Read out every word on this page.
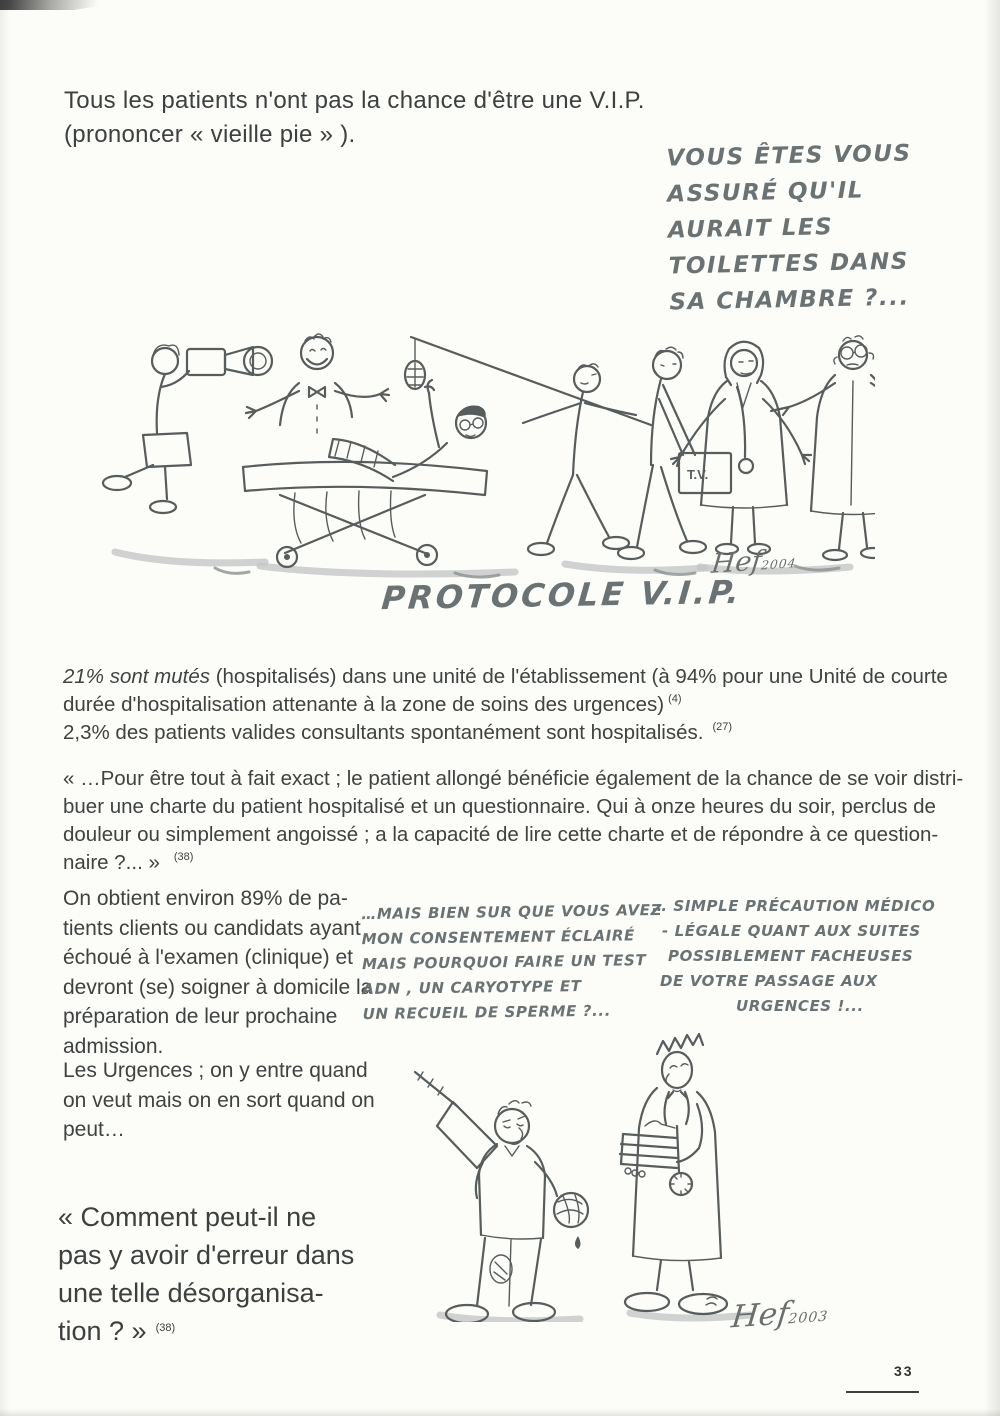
Tous les patients n'ont pas la chance d'être une V.I.P.
(prononcer « vieille pie » ).
VOUS ÊTES VOUS
ASSURÉ QU'IL
AURAIT LES
TOILETTES DANS
SA CHAMBRE ?...
T.V.
PROTOCOLE V.I.P.
Hef2004
21% sont mutés (hospitalisés) dans une unité de l'établissement (à 94% pour une Unité de courte
durée d'hospitalisation attenante à la zone de soins des urgences) $^{(4)}$
2,3% des patients valides consultants spontanément sont hospitalisés. $^{(27)}$
« …Pour être tout à fait exact ; le patient allongé bénéficie également de la chance de se voir distri-
buer une charte du patient hospitalisé et un questionnaire. Qui à onze heures du soir, perclus de
douleur ou simplement angoissé ; a la capacité de lire cette charte et de répondre à ce question-
naire ?... » $^{(38)}$
On obtient environ 89% de pa-
tients clients ou candidats ayant
échoué à l'examen (clinique) et
devront (se) soigner à domicile la
préparation de leur prochaine
admission.
Les Urgences ; on y entre quand
on veut mais on en sort quand on
peut…
…MAIS BIEN SUR QUE VOUS AVEZ
MON CONSENTEMENT ÉCLAIRÉ
MAIS POURQUOI FAIRE UN TEST
ADN , UN CARYOTYPE ET
UN RECUEIL DE SPERME ?...
… SIMPLE PRÉCAUTION MÉDICO
- LÉGALE QUANT AUX SUITES
POSSIBLEMENT FACHEUSES
DE VOTRE PASSAGE AUX
URGENCES !...
« Comment peut-il ne
pas y avoir d'erreur dans
une telle désorganisa-
tion ? » $^{(38)}$	Hef2003
33
